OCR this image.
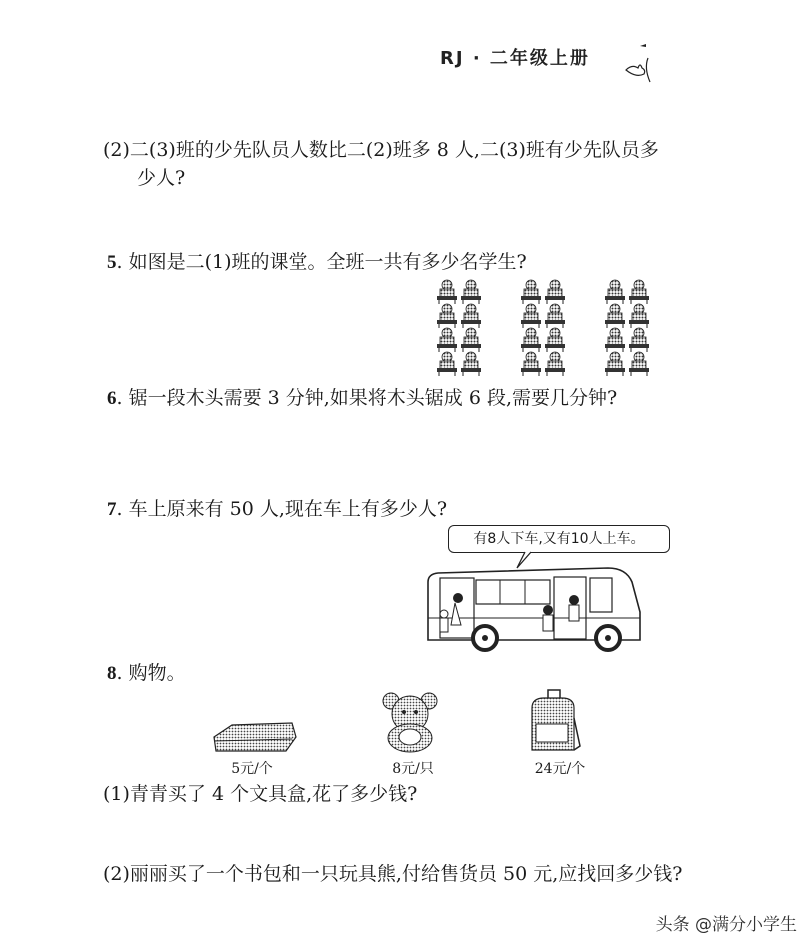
RJ · 二年级上册
(2)二(3)班的少先队员人数比二(2)班多 8 人,二(3)班有少先队员多
少人?
5. 如图是二(1)班的课堂。全班一共有多少名学生?
6. 锯一段木头需要 3 分钟,如果将木头锯成 6 段,需要几分钟?
7. 车上原来有 50 人,现在车上有多少人?
有8人下车,又有10人上车。
8. 购物。
5元/个	8元/只	24元/个
(1)青青买了 4 个文具盒,花了多少钱?
(2)丽丽买了一个书包和一只玩具熊,付给售货员 50 元,应找回多少钱?
头条 @满分小学生
